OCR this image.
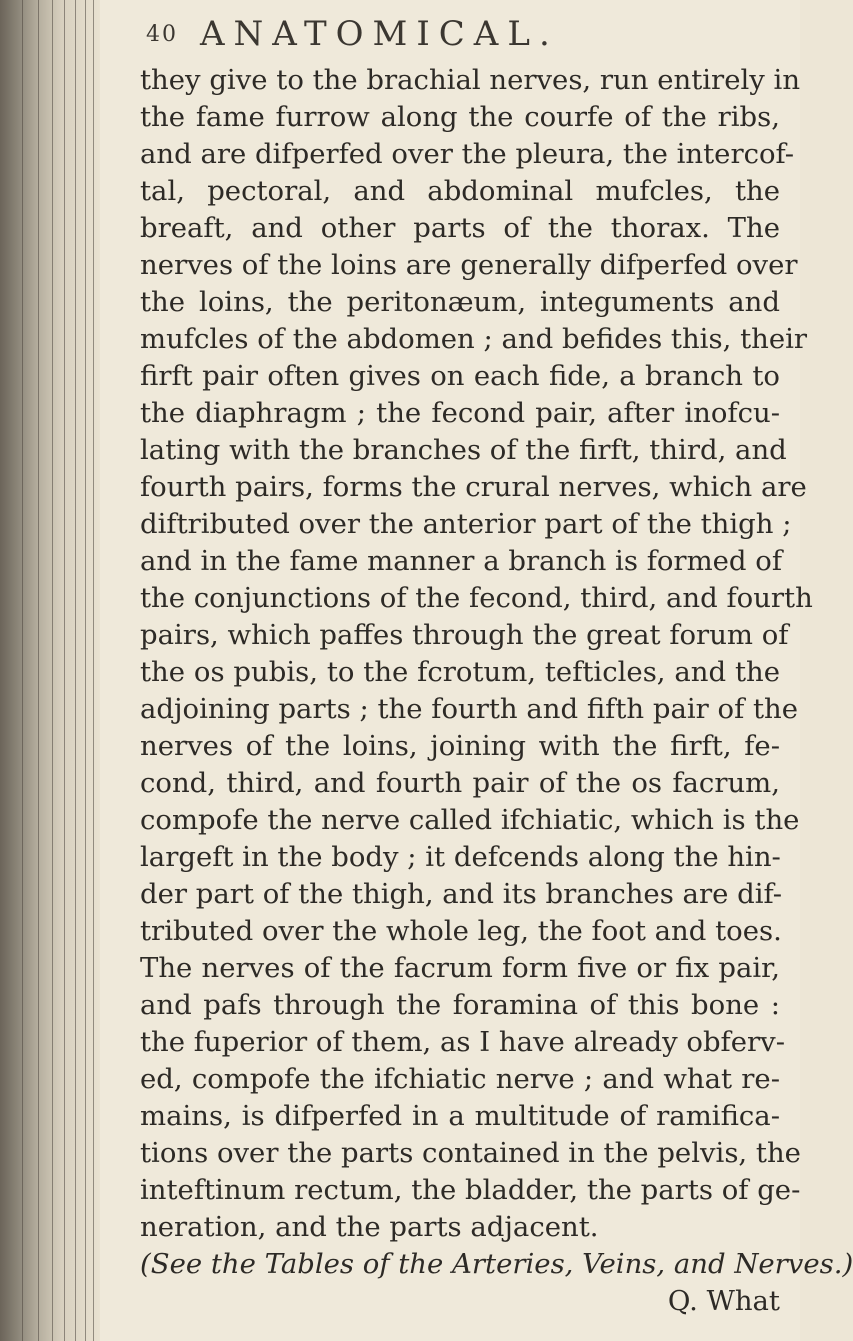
40 ANATOMICAL.
they give to the brachial nerves, run entirely in
the fame furrow along the courfe of the ribs,
and are difperfed over the pleura, the intercof-
tal, pectoral, and abdominal mufcles, the
breaft, and other parts of the thorax. The
nerves of the loins are generally difperfed over
the loins, the peritonæum, integuments and
mufcles of the abdomen ; and befides this, their
firft pair often gives on each fide, a branch to
the diaphragm ; the fecond pair, after inofcu-
lating with the branches of the firft, third, and
fourth pairs, forms the crural nerves, which are
diftributed over the anterior part of the thigh ;
and in the fame manner a branch is formed of
the conjunctions of the fecond, third, and fourth
pairs, which paffes through the great forum of
the os pubis, to the fcrotum, tefticles, and the
adjoining parts ; the fourth and fifth pair of the
nerves of the loins, joining with the firft, fe-
cond, third, and fourth pair of the os facrum,
compofe the nerve called ifchiatic, which is the
largeft in the body ; it defcends along the hin-
der part of the thigh, and its branches are dif-
tributed over the whole leg, the foot and toes.
The nerves of the facrum form five or fix pair,
and pafs through the foramina of this bone :
the fuperior of them, as I have already obferv-
ed, compofe the ifchiatic nerve ; and what re-
mains, is difperfed in a multitude of ramifica-
tions over the parts contained in the pelvis, the
inteftinum rectum, the bladder, the parts of ge-
neration, and the parts adjacent.
(See the Tables of the Arteries, Veins, and Nerves.)
Q. What
